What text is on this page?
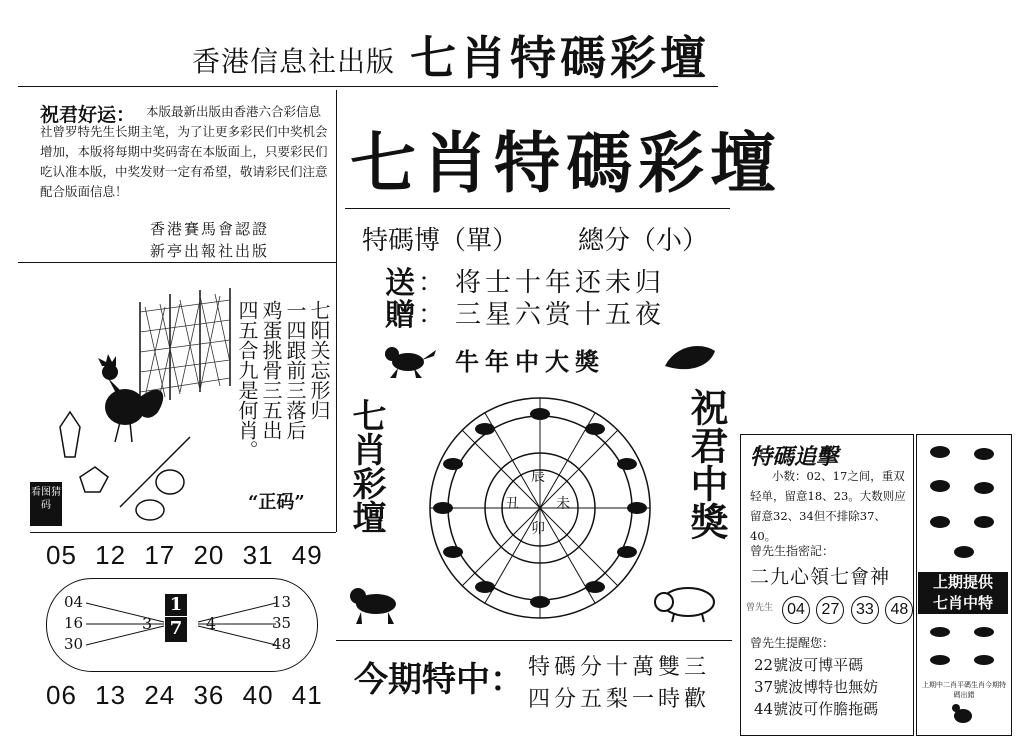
香港信息社出版 七肖特碼彩壇
祝君好运： 本版最新出版由香港六合彩信息社曾罗特先生长期主笔，为了让更多彩民们中奖机会增加，本版将每期中奖码寄在本版面上，只要彩民们吃认准本版，中奖发财一定有希望，敬请彩民们注意配合版面信息！
香港賽馬會認證
新亭出報社出版
七肖特碼彩壇
特碼博（單） 總分（小）
送 ： 将士十年还未归
贈 ： 三星六赏十五夜
看图猜码
七阳关忘形归
一四跟前三落后
鸡蛋挑骨三五出
四五合九是何肖。
“正码”
05 12 17 20 31 49
04
16
30
13
35
48
3	4
1
7
06 13 24 36 40 41
牛年中大獎
七肖彩壇	祝君中獎
辰
丑	未
卯
今期特中： 特碼分十萬雙三
四分五梨一時歡
特碼追擊
小数：02、17之间，重双轻单，留意18、23。大数则应留意32、34但不排除37、40。
曾先生指密記：
二九心領七會神
曾先生 04 27 33 48
曾先生提醒您：
22號波可博平碼
37號波博特也無妨
44號波可作膽拖碼
上期提供
七肖中特
上期中二肖平碼生肖今期特碼出錯
